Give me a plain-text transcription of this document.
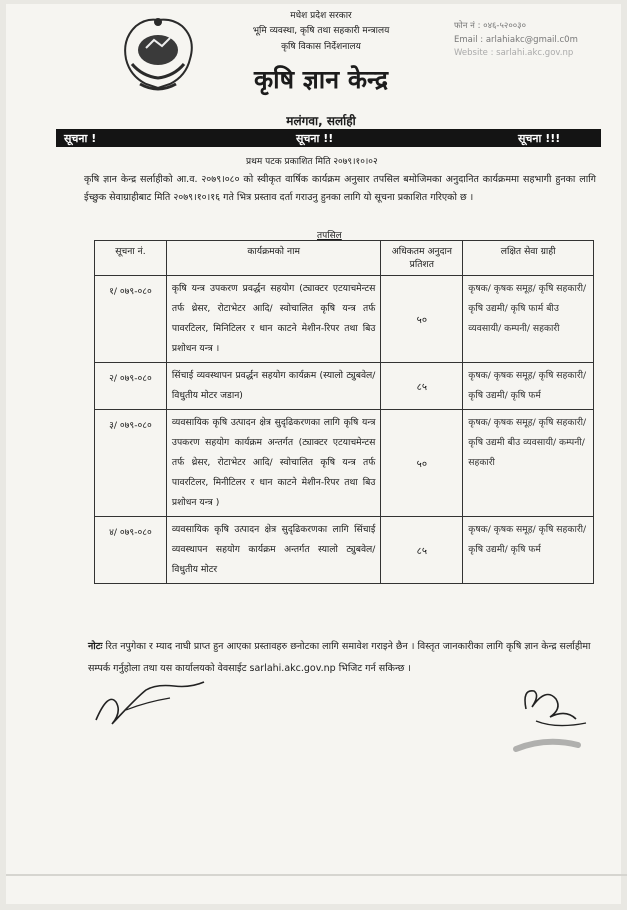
मधेश प्रदेश सरकार
भूमि व्यवस्था, कृषि तथा सहकारी मन्त्रालय
कृषि विकास निर्देशनालय
कृषि ज्ञान केन्द्र
मलंगवा, सर्लाही
फोन नं : ०४६-५२००३०
Email : arlahiakc@gmail.c0m
Website : sarlahi.akc.gov.np
सूचना !	सूचना !!	सूचना !!!
प्रथम पटक प्रकाशित मिति २०७९।१०।०२
कृषि ज्ञान केन्द्र सर्लाहीको आ.व. २०७९।०८० को स्वीकृत वार्षिक कार्यक्रम अनुसार तपसिल बमोजिमका अनुदानित कार्यक्रममा सहभागी हुनका लागि ईच्छुक सेवाग्राहीबाट मिति २०७९।१०।१६ गते भित्र प्रस्ताव दर्ता गराउनु हुनका लागि यो सूचना प्रकाशित गरिएको छ ।
तपसिल
सूचना नं.	कार्यक्रमको नाम	अधिकतम अनुदान प्रतिशत	लक्षित सेवा ग्राही
१/ ०७९-०८०	कृषि यन्त्र उपकरण प्रवर्द्धन सहयोग (ट्याक्टर एटयाचमेन्टस तर्फ थ्रेसर, रोटाभेटर आदि/ स्वोचालित कृषि यन्त्र तर्फ पावरटिलर, मिनिटिलर र धान काटने मेशीन-रिपर तथा बिउ प्रशोधन यन्त्र ।	५०	कृषक/ कृषक समूह/ कृषि सहकारी/ कृषि उद्यमी/ कृषि फार्म बीउ व्यवसायी/ कम्पनी/ सहकारी
२/ ०७९-०८०	सिंचाई व्यवस्थापन प्रवर्द्धन सहयोग कार्यक्रम (स्यालो ट्युबवेल/ विधुतीय मोटर जडान)	८५	कृषक/ कृषक समूह/ कृषि सहकारी/ कृषि उद्यमी/ कृषि फर्म
३/ ०७९-०८०	व्यवसायिक कृषि उत्पादन क्षेत्र सुदृढिकरणका लागि कृषि यन्त्र उपकरण सहयोग कार्यक्रम अन्तर्गत (ट्याक्टर एटयाचमेन्टस तर्फ थ्रेसर, रोटाभेटर आदि/ स्वोचालित कृषि यन्त्र तर्फ पावरटिलर, मिनीटिलर र धान काटने मेशीन-रिपर तथा बिउ प्रशोधन यन्त्र )	५०	कृषक/ कृषक समूह/ कृषि सहकारी/ कृषि उद्यमी बीउ व्यवसायी/ कम्पनी/ सहकारी
४/ ०७९-०८०	व्यवसायिक कृषि उत्पादन क्षेत्र सुदृढिकरणका लागि सिंचाई व्यवस्थापन सहयोग कार्यक्रम अन्तर्गत स्यालो ट्युबवेल/ विधुतीय मोटर	८५	कृषक/ कृषक समूह/ कृषि सहकारी/ कृषि उद्यमी/ कृषि फर्म
नोटः रित नपुगेका र म्याद नाघी प्राप्त हुन आएका प्रस्तावहरु छनोटका लागि समावेश गराइने छैन । विस्तृत जानकारीका लागि कृषि ज्ञान केन्द्र सर्लाहीमा सम्पर्क गर्नुहोला तथा यस कार्यालयको वेवसाईट sarlahi.akc.gov.np भिजिट गर्न सकिन्छ ।
